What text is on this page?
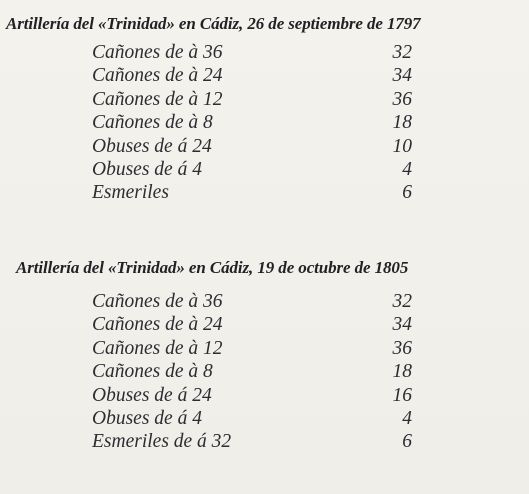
Artillería del «Trinidad» en Cádiz, 26 de septiembre de 1797
Cañones de à 36	32
Cañones de à 24	34
Cañones de à 12	36
Cañones de à 8	18
Obuses de á 24	10
Obuses de á 4	4
Esmeriles	6
Artillería del «Trinidad» en Cádiz, 19 de octubre de 1805
Cañones de à 36	32
Cañones de à 24	34
Cañones de à 12	36
Cañones de à 8	18
Obuses de á 24	16
Obuses de á 4	4
Esmeriles de á 32	6
